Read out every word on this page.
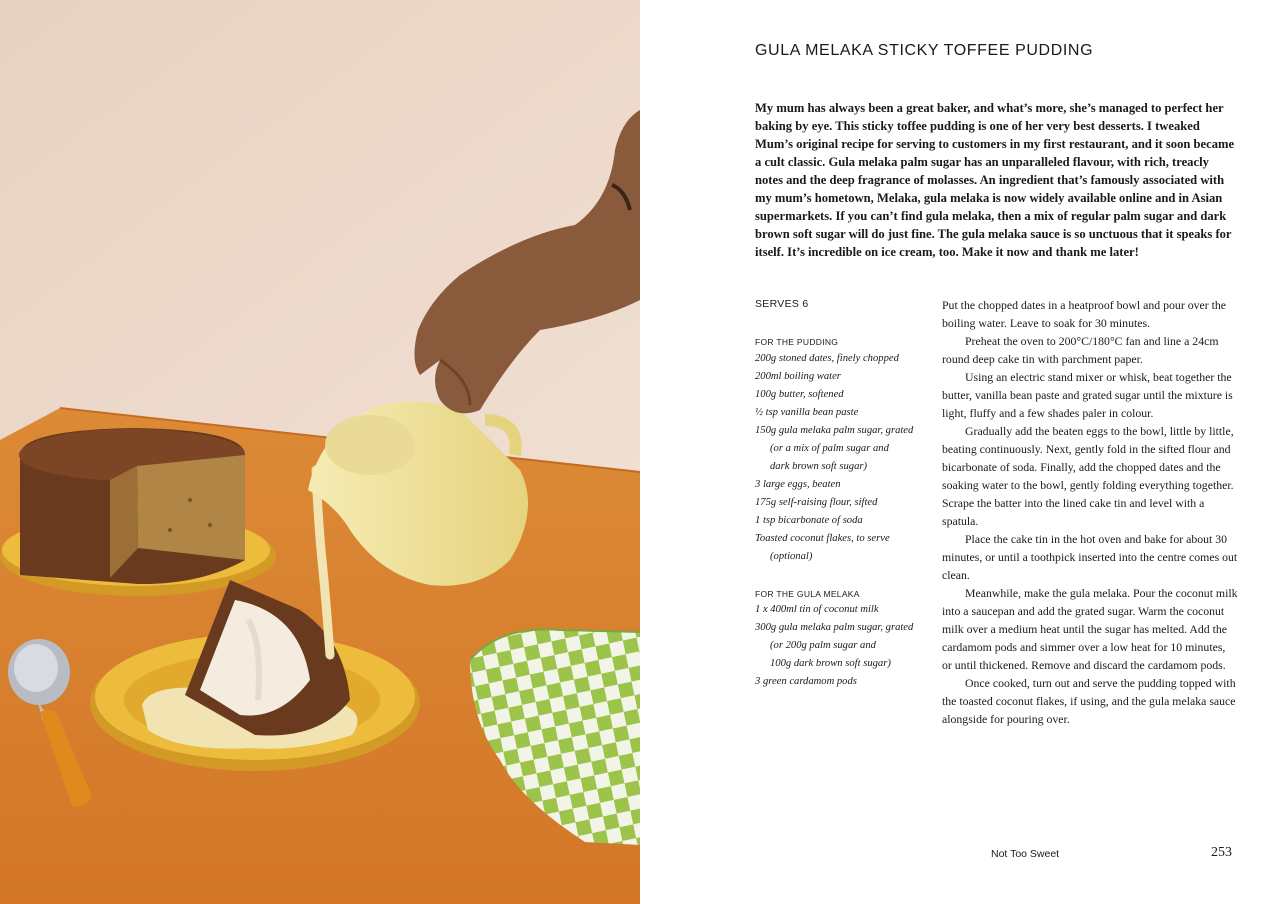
GULA MELAKA STICKY TOFFEE PUDDING

My mum has always been a great baker, and what’s more, she’s managed to perfect her baking by eye. This sticky toffee pudding is one of her very best desserts. I tweaked Mum’s original recipe for serving to customers in my first restaurant, and it soon became a cult classic. Gula melaka palm sugar has an unparalleled flavour, with rich, treacly notes and the deep fragrance of molasses. An ingredient that’s famously associated with my mum’s hometown, Melaka, gula melaka is now widely available online and in Asian supermarkets. If you can’t find gula melaka, then a mix of regular palm sugar and dark brown soft sugar will do just fine. The gula melaka sauce is so unctuous that it speaks for itself. It’s incredible on ice cream, too. Make it now and thank me later!

SERVES 6
FOR THE PUDDING
200g stoned dates, finely chopped
200ml boiling water
100g butter, softened
½ tsp vanilla bean paste
150g gula melaka palm sugar, grated
(or a mix of palm sugar and
dark brown soft sugar)
3 large eggs, beaten
175g self-raising flour, sifted
1 tsp bicarbonate of soda
Toasted coconut flakes, to serve
(optional)
FOR THE GULA MELAKA
1 x 400ml tin of coconut milk
300g gula melaka palm sugar, grated
(or 200g palm sugar and
100g dark brown soft sugar)
3 green cardamom pods

Put the chopped dates in a heatproof bowl and pour over the boiling water. Leave to soak for 30 minutes.

Preheat the oven to 200°C/180°C fan and line a 24cm round deep cake tin with parchment paper.

Using an electric stand mixer or whisk, beat together the butter, vanilla bean paste and grated sugar until the mixture is light, fluffy and a few shades paler in colour.

Gradually add the beaten eggs to the bowl, little by little, beating continuously. Next, gently fold in the sifted flour and bicarbonate of soda. Finally, add the chopped dates and the soaking water to the bowl, gently folding everything together. Scrape the batter into the lined cake tin and level with a spatula.

Place the cake tin in the hot oven and bake for about 30 minutes, or until a toothpick inserted into the centre comes out clean.

Meanwhile, make the gula melaka. Pour the coconut milk into a saucepan and add the grated sugar. Warm the coconut milk over a medium heat until the sugar has melted. Add the cardamom pods and simmer over a low heat for 10 minutes, or until thickened. Remove and discard the cardamom pods.

Once cooked, turn out and serve the pudding topped with the toasted coconut flakes, if using, and the gula melaka sauce alongside for pouring over.

Not Too Sweet	253
